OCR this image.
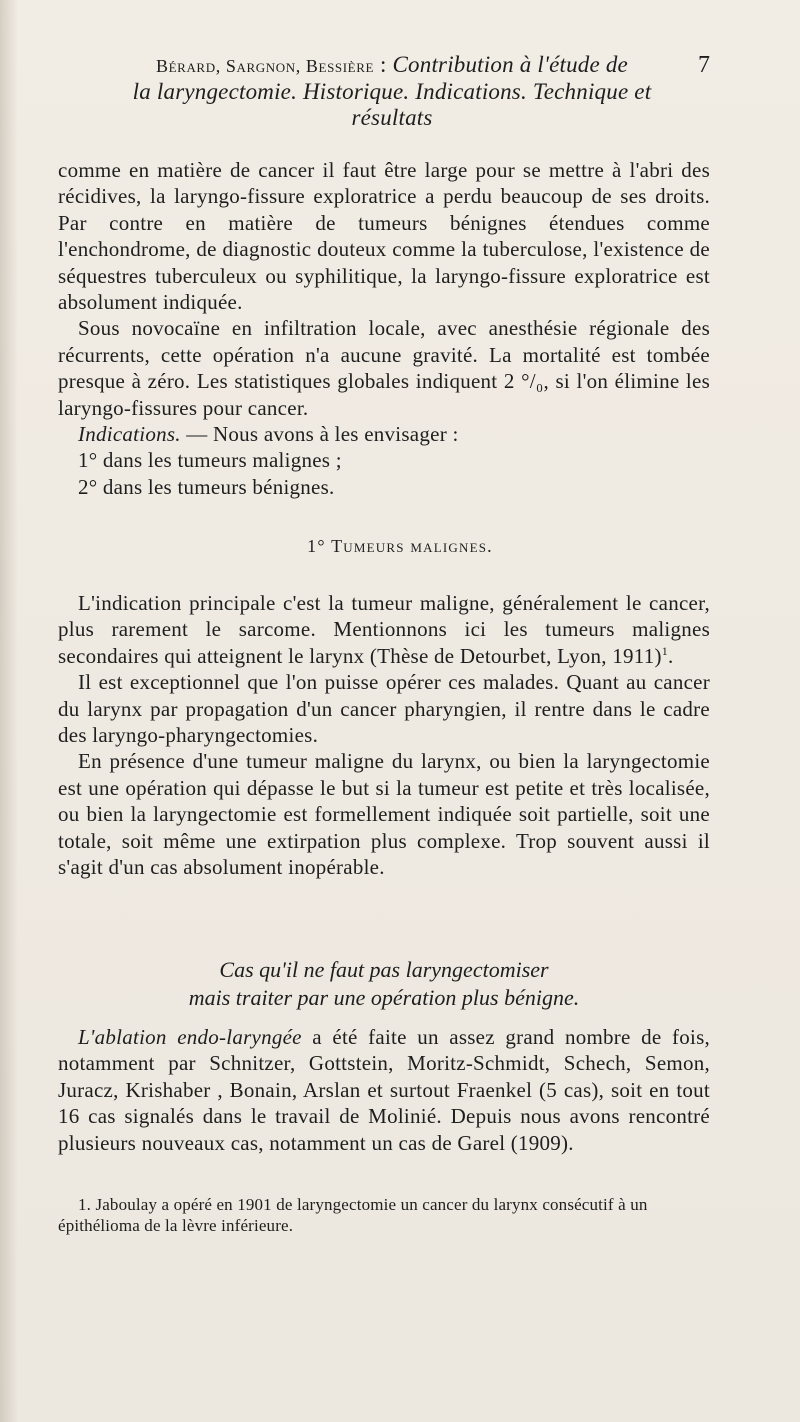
Bérard, Sargnon, Bessière : Contribution à l'étude de
la laryngectomie. Historique. Indications. Technique et
résultats
7

comme en matière de cancer il faut être large pour se mettre à l'abri des récidives, la laryngo-fissure exploratrice a perdu beaucoup de ses droits. Par contre en matière de tumeurs bénignes étendues comme l'enchondrome, de diagnostic douteux comme la tuberculose, l'existence de séquestres tuberculeux ou syphilitique, la laryngo-fissure exploratrice est absolument indiquée.

Sous novocaïne en infiltration locale, avec anesthésie régionale des récurrents, cette opération n'a aucune gravité. La mortalité est tombée presque à zéro. Les statistiques globales indiquent 2 °/₀, si l'on élimine les laryngo-fissures pour cancer.

Indications. — Nous avons à les envisager :

1° dans les tumeurs malignes ;

2° dans les tumeurs bénignes.

1° Tumeurs malignes.

L'indication principale c'est la tumeur maligne, généralement le cancer, plus rarement le sarcome. Mentionnons ici les tumeurs malignes secondaires qui atteignent le larynx (Thèse de Detourbet, Lyon, 1911)$^1$.

Il est exceptionnel que l'on puisse opérer ces malades. Quant au cancer du larynx par propagation d'un cancer pharyngien, il rentre dans le cadre des laryngo-pharyngectomies.

En présence d'une tumeur maligne du larynx, ou bien la laryngectomie est une opération qui dépasse le but si la tumeur est petite et très localisée, ou bien la laryngectomie est formellement indiquée soit partielle, soit une totale, soit même une extirpation plus complexe. Trop souvent aussi il s'agit d'un cas absolument inopérable.

Cas qu'il ne faut pas laryngectomiser
mais traiter par une opération plus bénigne.

L'ablation endo-laryngée a été faite un assez grand nombre de fois, notamment par Schnitzer, Gottstein, Moritz-Schmidt, Schech, Semon, Juracz, Krishaber , Bonain, Arslan et surtout Fraenkel (5 cas), soit en tout 16 cas signalés dans le travail de Molinié. Depuis nous avons rencontré plusieurs nouveaux cas, notamment un cas de Garel (1909).

1. Jaboulay a opéré en 1901 de laryngectomie un cancer du larynx consécutif à un épithélioma de la lèvre inférieure.
